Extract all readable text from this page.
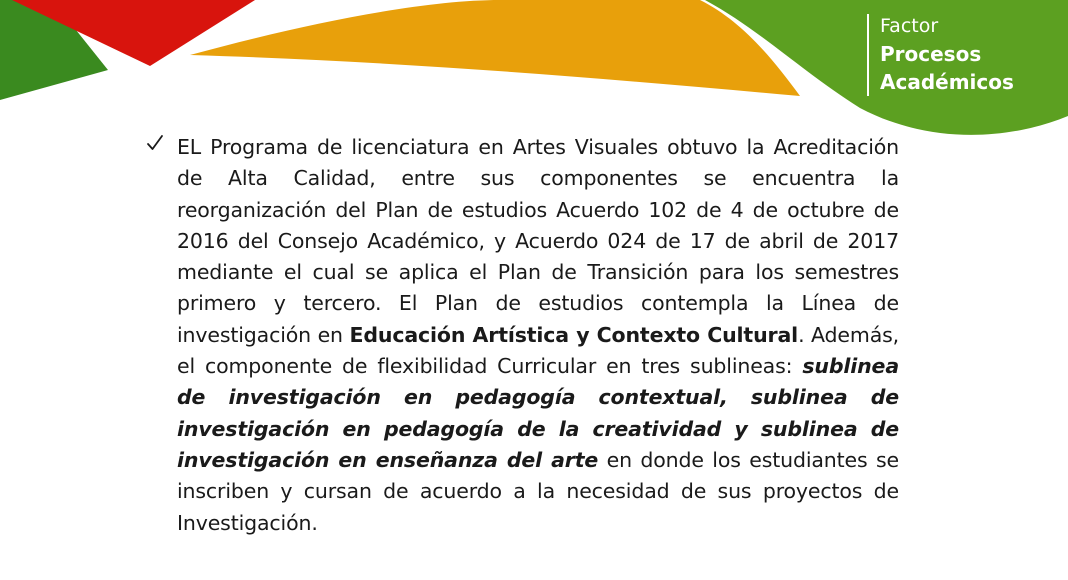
Factor
Procesos
Académicos
EL Programa de licenciatura en Artes Visuales obtuvo la Acreditación de Alta Calidad, entre sus componentes se encuentra la reorganización del Plan de estudios Acuerdo 102 de 4 de octubre de 2016 del Consejo Académico, y Acuerdo 024 de 17 de abril de 2017 mediante el cual se aplica el Plan de Transición para los semestres primero y tercero. El Plan de estudios contempla la Línea de investigación en Educación Artística y Contexto Cultural. Además, el componente de flexibilidad Curricular en tres sublineas: sublinea de investigación en pedagogía contextual, sublinea de investigación en pedagogía de la creatividad y sublinea de investigación en enseñanza del arte en donde los estudiantes se inscriben y cursan de acuerdo a la necesidad de sus proyectos de Investigación.
